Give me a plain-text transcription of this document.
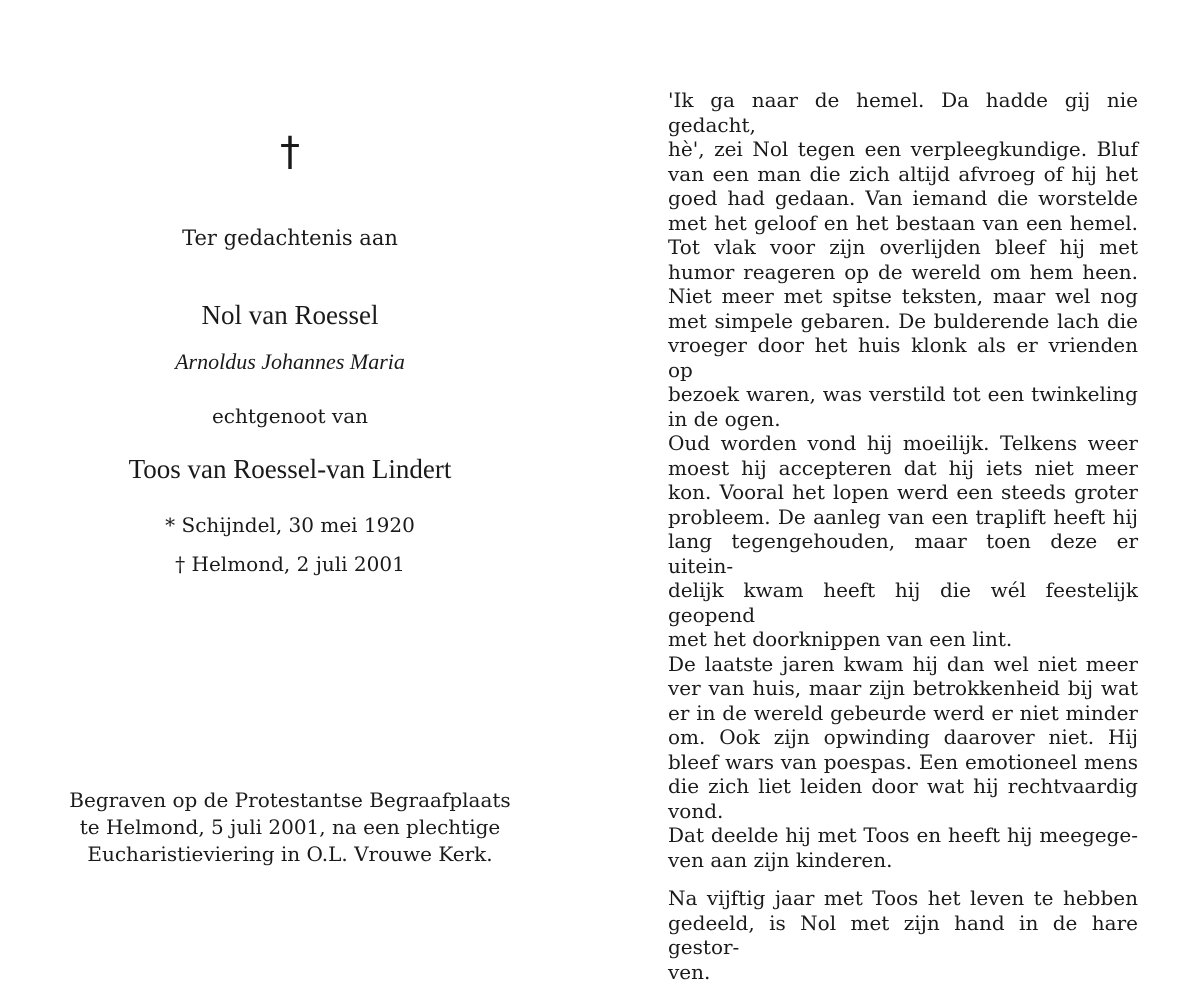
†
Ter gedachtenis aan
Nol van Roessel
Arnoldus Johannes Maria
echtgenoot van
Toos van Roessel-van Lindert
* Schijndel, 30 mei 1920
† Helmond, 2 juli 2001
Begraven op de Protestantse Begraafplaats
te Helmond, 5 juli 2001, na een plechtige
Eucharistieviering in O.L. Vrouwe Kerk.
'Ik ga naar de hemel. Da hadde gij nie gedacht,
hè', zei Nol tegen een verpleegkundige. Bluf
van een man die zich altijd afvroeg of hij het
goed had gedaan. Van iemand die worstelde
met het geloof en het bestaan van een hemel.
Tot vlak voor zijn overlijden bleef hij met
humor reageren op de wereld om hem heen.
Niet meer met spitse teksten, maar wel nog
met simpele gebaren. De bulderende lach die
vroeger door het huis klonk als er vrienden op
bezoek waren, was verstild tot een twinkeling
in de ogen.
Oud worden vond hij moeilijk. Telkens weer
moest hij accepteren dat hij iets niet meer
kon. Vooral het lopen werd een steeds groter
probleem. De aanleg van een traplift heeft hij
lang tegengehouden, maar toen deze er uitein-
delijk kwam heeft hij die wél feestelijk geopend
met het doorknippen van een lint.
De laatste jaren kwam hij dan wel niet meer
ver van huis, maar zijn betrokkenheid bij wat
er in de wereld gebeurde werd er niet minder
om. Ook zijn opwinding daarover niet. Hij
bleef wars van poespas. Een emotioneel mens
die zich liet leiden door wat hij rechtvaardig
vond.
Dat deelde hij met Toos en heeft hij meegege-
ven aan zijn kinderen.
Na vijftig jaar met Toos het leven te hebben
gedeeld, is Nol met zijn hand in de hare gestor-
ven.
